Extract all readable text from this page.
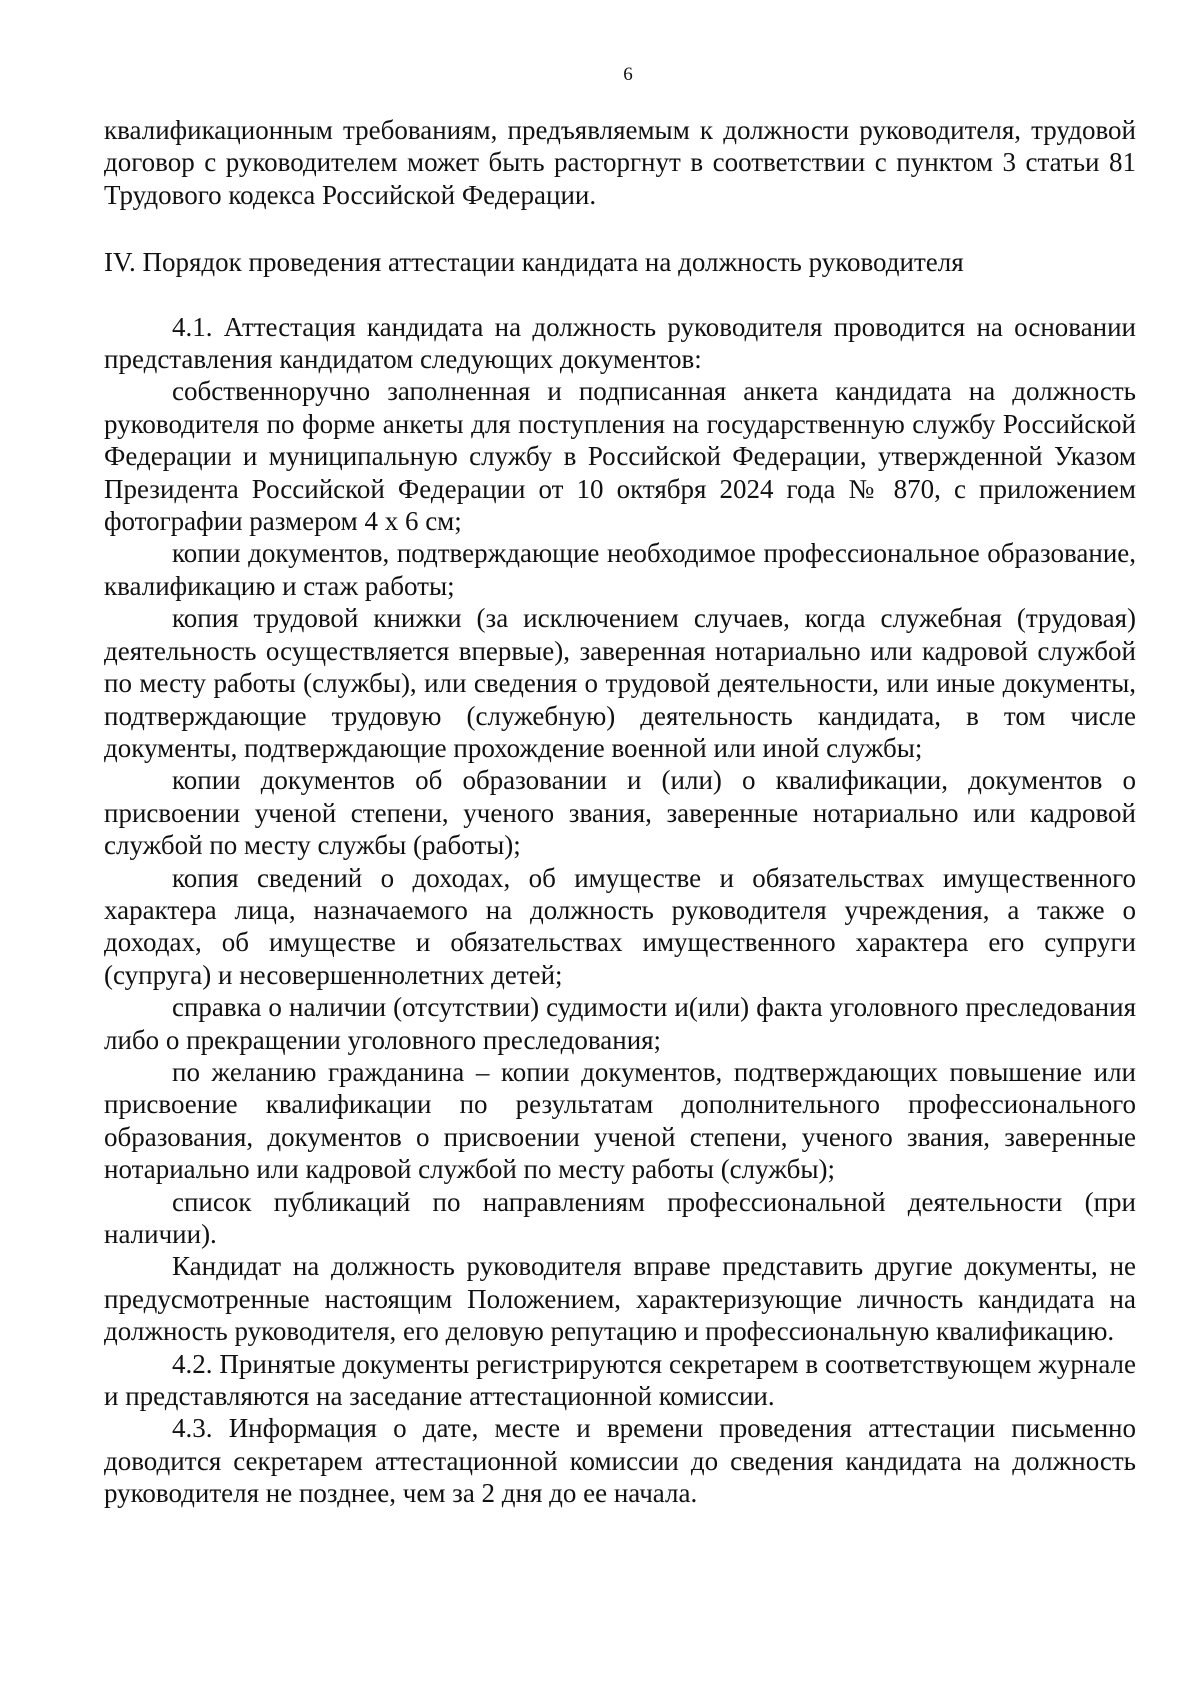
6

квалификационным требованиям, предъявляемым к должности руководителя, трудовой договор с руководителем может быть расторгнут в соответствии с пунктом 3 статьи 81 Трудового кодекса Российской Федерации.

IV. Порядок проведения аттестации кандидата на должность руководителя

4.1. Аттестация кандидата на должность руководителя проводится на основании представления кандидатом следующих документов:

собственноручно заполненная и подписанная анкета кандидата на должность руководителя по форме анкеты для поступления на государственную службу Российской Федерации и муниципальную службу в Российской Федерации, утвержденной Указом Президента Российской Федерации от 10 октября 2024 года № 870, с приложением фотографии размером 4 х 6 см;

копии документов, подтверждающие необходимое профессиональное образование, квалификацию и стаж работы;

копия трудовой книжки (за исключением случаев, когда служебная (трудовая) деятельность осуществляется впервые), заверенная нотариально или кадровой службой по месту работы (службы), или сведения о трудовой деятельности, или иные документы, подтверждающие трудовую (служебную) деятельность кандидата, в том числе документы, подтверждающие прохождение военной или иной службы;

копии документов об образовании и (или) о квалификации, документов о присвоении ученой степени, ученого звания, заверенные нотариально или кадровой службой по месту службы (работы);

копия сведений о доходах, об имуществе и обязательствах имущественного характера лица, назначаемого на должность руководителя учреждения, а также о доходах, об имуществе и обязательствах имущественного характера его супруги (супруга) и несовершеннолетних детей;

справка о наличии (отсутствии) судимости и(или) факта уголовного преследования либо о прекращении уголовного преследования;

по желанию гражданина – копии документов, подтверждающих повышение или присвоение квалификации по результатам дополнительного профессионального образования, документов о присвоении ученой степени, ученого звания, заверенные нотариально или кадровой службой по месту работы (службы);

список публикаций по направлениям профессиональной деятельности (при наличии).

Кандидат на должность руководителя вправе представить другие документы, не предусмотренные настоящим Положением, характеризующие личность кандидата на должность руководителя, его деловую репутацию и профессиональную квалификацию.

4.2. Принятые документы регистрируются секретарем в соответствующем журнале и представляются на заседание аттестационной комиссии.

4.3. Информация о дате, месте и времени проведения аттестации письменно доводится секретарем аттестационной комиссии до сведения кандидата на должность руководителя не позднее, чем за 2 дня до ее начала.
